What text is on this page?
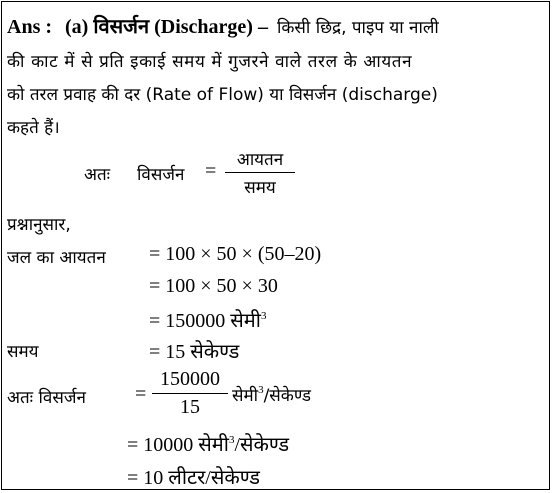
Ans : (a) विसर्जन (Discharge) – किसी छिद्र, पाइप या नाली
की काट में से प्रति इकाई समय में गुजरने वाले तरल के आयतन
को तरल प्रवाह की दर (Rate of Flow) या विसर्जन (discharge)
कहते हैं।
अतः विसर्जन =	आयतन
समय
प्रश्नानुसार,
जल का आयतन = 100 × 50 × (50–20)
= 100 × 50 × 30
= 150000 सेमी$^3$
समय	= 15 सेकेण्ड
अतः विसर्जन = $\frac{150000}{15}$ सेमी$^3$/सेकेण्ड
= 10000 सेमी$^3$/सेकेण्ड
= 10 लीटर/सेकेण्ड
